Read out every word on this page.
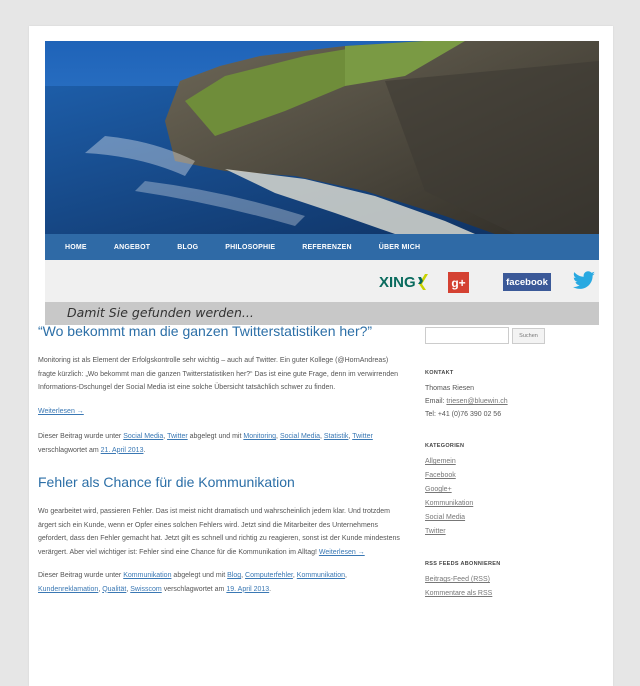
HOME	ANGEBOT	BLOG	PHILOSOPHIE	REFERENZEN	ÜBER MICH
XING	g+	facebook
Damit Sie gefunden werden...
“Wo bekommt man die ganzen Twitterstatistiken her?”

Monitoring ist als Element der Erfolgskontrolle sehr wichtig – auch auf Twitter. Ein guter Kollege (@HornAndreas) fragte kürzlich: „Wo bekommt man die ganzen Twitterstatistiken her?“ Das ist eine gute Frage, denn im verwirrenden Informations-Dschungel der Social Media ist eine solche Übersicht tatsächlich schwer zu finden.

Weiterlesen →

Dieser Beitrag wurde unter Social Media, Twitter abgelegt und mit Monitoring, Social Media, Statistik, Twitter verschlagwortet am 21. April 2013.

Fehler als Chance für die Kommunikation

Wo gearbeitet wird, passieren Fehler. Das ist meist nicht dramatisch und wahrscheinlich jedem klar. Und trotzdem ärgert sich ein Kunde, wenn er Opfer eines solchen Fehlers wird. Jetzt sind die Mitarbeiter des Unternehmens gefordert, dass den Fehler gemacht hat. Jetzt gilt es schnell und richtig zu reagieren, sonst ist der Kunde mindestens verärgert. Aber viel wichtiger ist: Fehler sind eine Chance für die Kommunikation im Alltag! Weiterlesen →

Dieser Beitrag wurde unter Kommunikation abgelegt und mit Blog, Computerfehler, Kommunikation, Kundenreklamation, Qualität, Swisscom verschlagwortet am 19. April 2013.

Suchen
KONTAKT
Thomas Riesen
Email: triesen@bluewin.ch
Tel: +41 (0)76 390 02 56
KATEGORIEN
Allgemein
Facebook
Google+
Kommunikation
Social Media
Twitter
RSS FEEDS ABONNIEREN
Beitrags-Feed (RSS)
Kommentare als RSS
